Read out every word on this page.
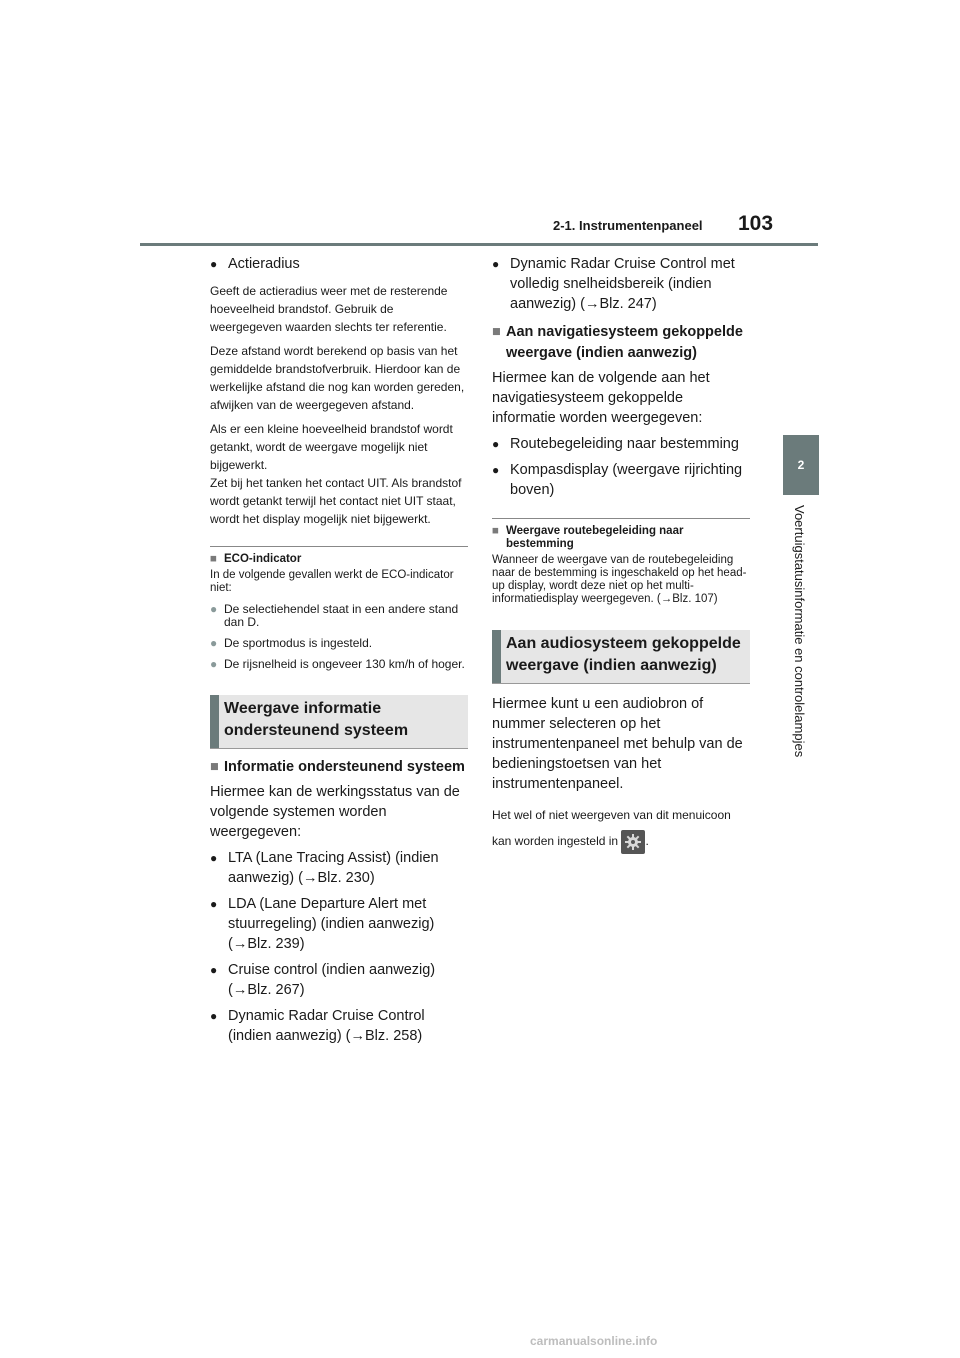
2-1. Instrumentenpaneel 103
2
Voertuigstatusinformatie en controlelampjes

● Actieradius

Geeft de actieradius weer met de resterende hoeveelheid brandstof. Gebruik de weergegeven waarden slechts ter referentie.

Deze afstand wordt berekend op basis van het gemiddelde brandstofverbruik. Hierdoor kan de werkelijke afstand die nog kan worden gereden, afwijken van de weergegeven afstand.

Als er een kleine hoeveelheid brandstof wordt getankt, wordt de weergave mogelijk niet bijgewerkt.

Zet bij het tanken het contact UIT. Als brandstof wordt getankt terwijl het contact niet UIT staat, wordt het display mogelijk niet bijgewerkt.

■ ECO-indicator

In de volgende gevallen werkt de ECO-indicator niet:

● De selectiehendel staat in een andere stand dan D.

● De sportmodus is ingesteld.

● De rijsnelheid is ongeveer 130 km/h of hoger.

Weergave informatie
ondersteunend systeem

■ Informatie ondersteunend systeem

Hiermee kan de werkingsstatus van de volgende systemen worden weergegeven:

● LTA (Lane Tracing Assist) (indien aanwezig) (→Blz. 230)

● LDA (Lane Departure Alert met stuurregeling) (indien aanwezig) (→Blz. 239)

● Cruise control (indien aanwezig) (→Blz. 267)

● Dynamic Radar Cruise Control (indien aanwezig) (→Blz. 258)

● Dynamic Radar Cruise Control met volledig snelheidsbereik (indien aanwezig) (→Blz. 247)

■ Aan navigatiesysteem gekoppelde weergave (indien aanwezig)

Hiermee kan de volgende aan het navigatiesysteem gekoppelde informatie worden weergegeven:

● Routebegeleiding naar bestemming

● Kompasdisplay (weergave rijrichting boven)

■ Weergave routebegeleiding naar bestemming

Wanneer de weergave van de routebegeleiding naar de bestemming is ingeschakeld op het head-up display, wordt deze niet op het multi-informatiedisplay weergegeven. (→Blz. 107)

Aan audiosysteem gekoppelde
weergave (indien aanwezig)

Hiermee kunt u een audiobron of nummer selecteren op het instrumentenpaneel met behulp van de bedieningstoetsen van het instrumentenpaneel.

Het wel of niet weergeven van dit menuicoon kan worden ingesteld in .

carmanualsonline.info
